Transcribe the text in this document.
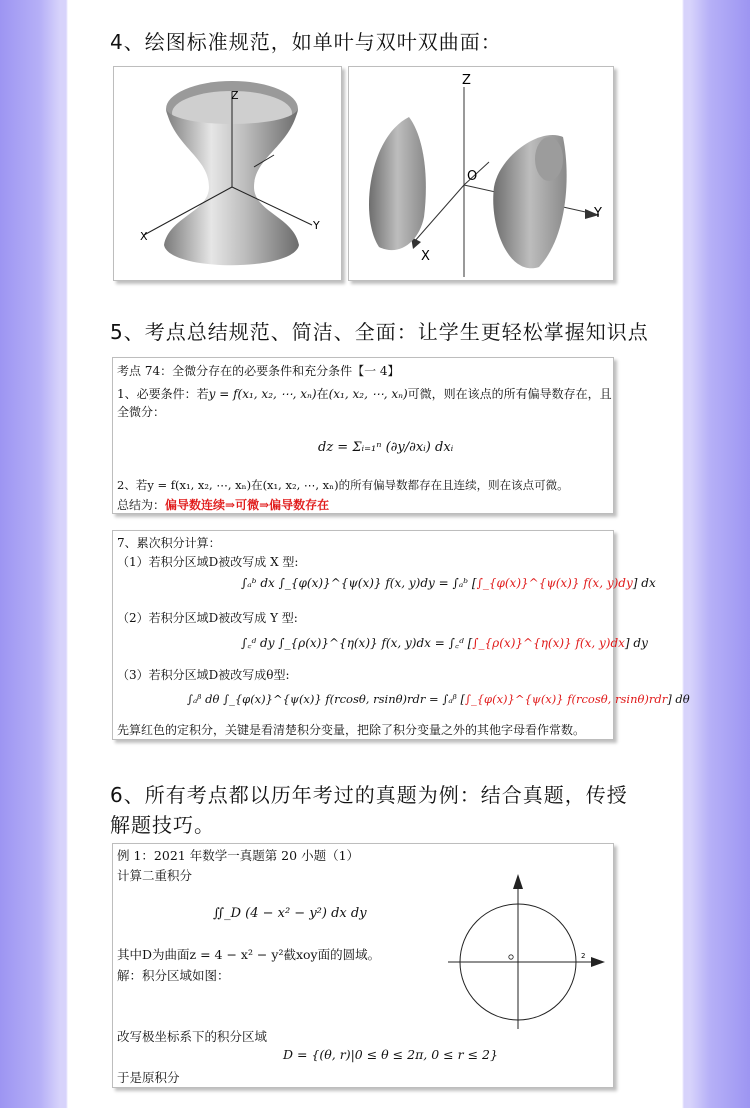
4、绘图标准规范，如单叶与双叶双曲面：
Z
X
Y
Z
O
X
Y
5、考点总结规范、简洁、全面：让学生更轻松掌握知识点
考点 74：全微分存在的必要条件和充分条件【一 4】
1、必要条件：若y = f(x₁, x₂, ⋯, xₙ)在(x₁, x₂, ⋯, xₙ)可微，则在该点的所有偏导数存在，且
全微分：
dz = Σᵢ₌₁ⁿ (∂y/∂xᵢ) dxᵢ
2、若y = f(x₁, x₂, ⋯, xₙ)在(x₁, x₂, ⋯, xₙ)的所有偏导数都存在且连续，则在该点可微。
总结为：偏导数连续⇒可微⇒偏导数存在
7、累次积分计算：
（1）若积分区域D被改写成 X 型:
∫ₐᵇ dx ∫_{φ(x)}^{ψ(x)} f(x, y)dy = ∫ₐᵇ [∫_{φ(x)}^{ψ(x)} f(x, y)dy] dx
（2）若积分区域D被改写成 Y 型:
∫꜀ᵈ dy ∫_{ρ(x)}^{η(x)} f(x, y)dx = ∫꜀ᵈ [∫_{ρ(x)}^{η(x)} f(x, y)dx] dy
（3）若积分区域D被改写成θ型:
∫ₐᵝ dθ ∫_{φ(x)}^{ψ(x)} f(rcosθ, rsinθ)rdr = ∫ₐᵝ [∫_{φ(x)}^{ψ(x)} f(rcosθ, rsinθ)rdr] dθ
先算红色的定积分，关键是看清楚积分变量，把除了积分变量之外的其他字母看作常数。
6、所有考点都以历年考过的真题为例：结合真题，传授
解题技巧。
例 1：2021 年数学一真题第 20 小题（1）
计算二重积分
∬_D (4 − x² − y²) dx dy
其中D为曲面z = 4 − x² − y²截xoy面的圆域。
解：积分区域如图：
改写极坐标系下的积分区域
D = {(θ, r)|0 ≤ θ ≤ 2π, 0 ≤ r ≤ 2}
于是原积分
2
